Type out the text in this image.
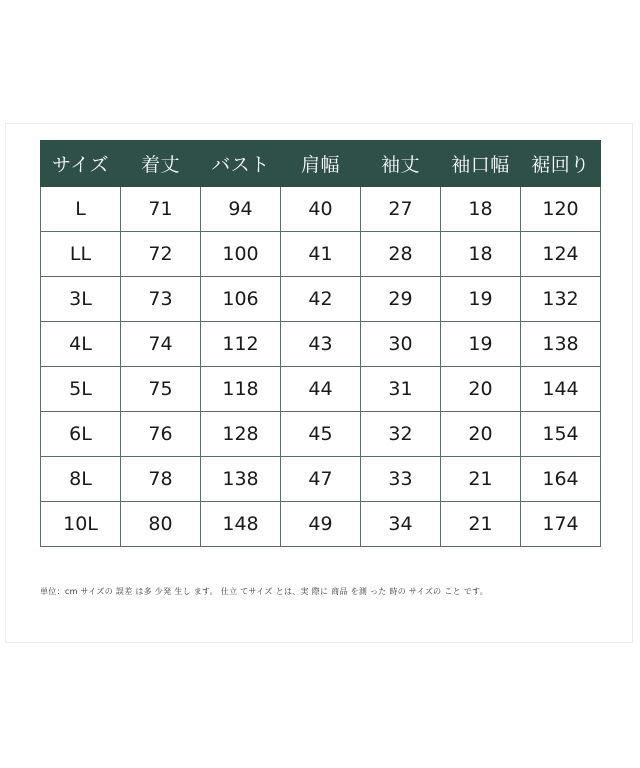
サイズ	着丈	バスト	肩幅	袖丈	袖口幅	裾回り
L	71	94	40	27	18	120
LL	72	100	41	28	18	124
3L	73	106	42	29	19	132
4L	74	112	43	30	19	138
5L	75	118	44	31	20	144
6L	76	128	45	32	20	154
8L	78	138	47	33	21	164
10L	80	148	49	34	21	174
単位：cm サイズの 誤差 は多 少発 生し ます。 仕立 てサイズ とは、実 際に 商品 を測 った 時の サイズの こと です。
